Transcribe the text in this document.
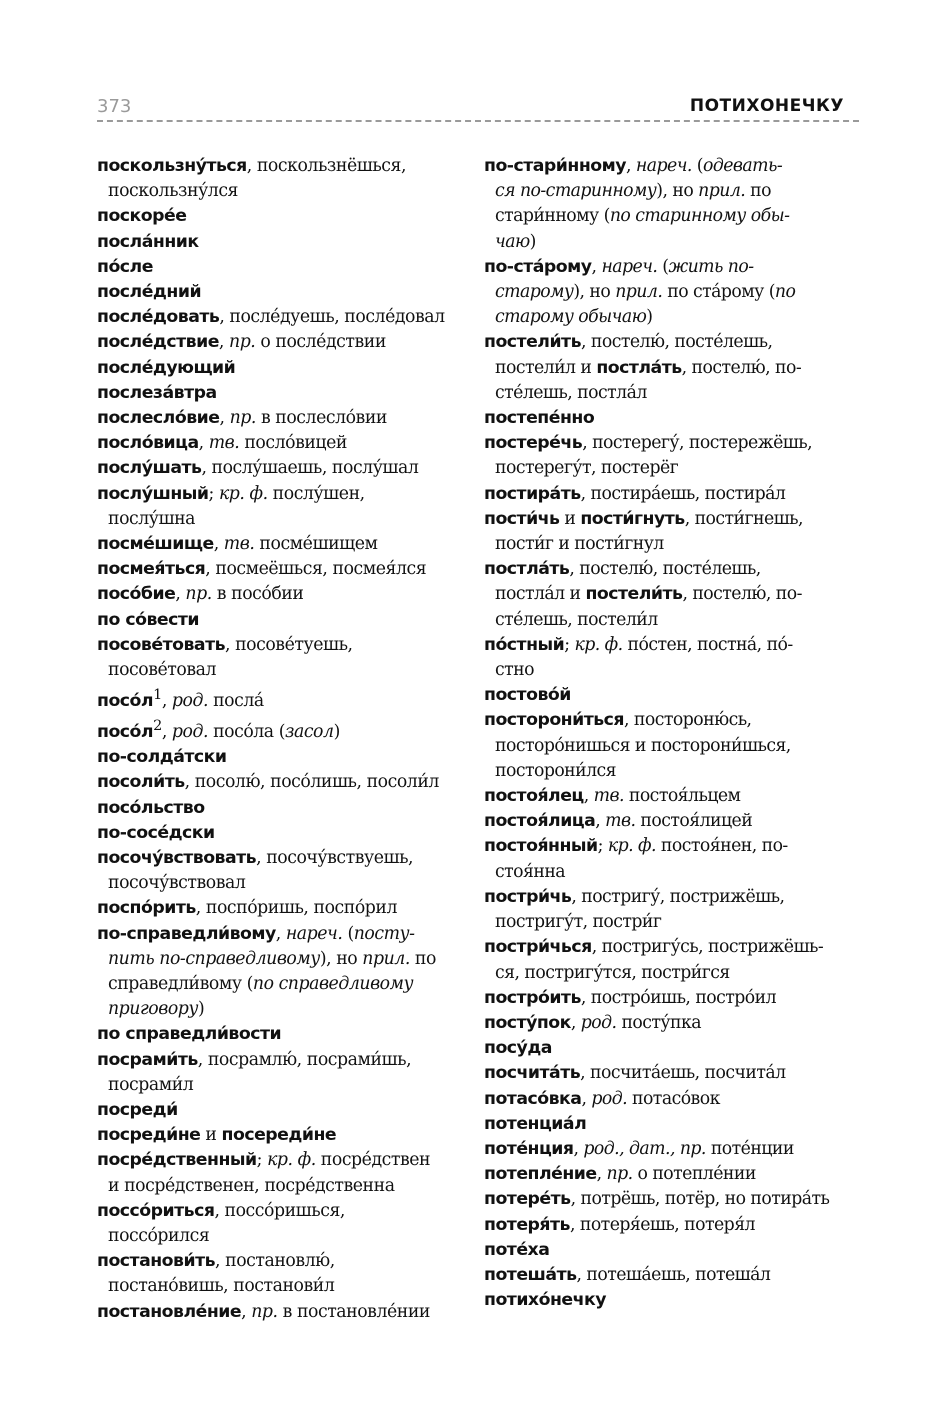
373	ПОТИХОНЕЧКУ
поскользну́ться, поскользнёшься,
поскользну́лся
поскоре́е
посла́нник
по́сле
после́дний
после́довать, после́дуешь, после́довал
после́дствие, пр. о после́дствии
после́дующий
послеза́втра
послесло́вие, пр. в послесло́вии
посло́вица, тв. посло́вицей
послу́шать, послу́шаешь, послу́шал
послу́шный; кр. ф. послу́шен,
послу́шна
посме́шище, тв. посме́шищем
посмея́ться, посмеёшься, посмея́лся
посо́бие, пр. в посо́бии
по со́вести
посове́товать, посове́туешь,
посове́товал
$посо́л^1$, род. посла́
$посо́л^2$, род. посо́ла (засол)
по-солда́тски
посоли́ть, посолю́, посо́лишь, посоли́л
посо́льство
по-сосе́дски
посочу́вствовать, посочу́вствуешь,
посочу́вствовал
поспо́рить, поспо́ришь, поспо́рил
по-справедли́вому, нареч. (посту-
пить по-справедливому), но прил. по
справедли́вому (по справедливому
приговору)
по справедли́вости
посрами́ть, посрамлю́, посрами́шь,
посрами́л
посреди́
посреди́не и посереди́не
посре́дственный; кр. ф. посре́дствен
и посре́дственен, посре́дственна
поссо́риться, поссо́ришься,
поссо́рился
постанови́ть, постановлю́,
постано́вишь, постанови́л
постановле́ние, пр. в постановле́нии
по-стари́нному, нареч. (одевать-
ся по-старинному), но прил. по
стари́нному (по старинному обы-
чаю)
по-ста́рому, нареч. (жить по-
старому), но прил. по ста́рому (по
старому обычаю)
постели́ть, постелю́, посте́лешь,
постели́л и постла́ть, постелю́, по-
сте́лешь, постла́л
постепе́нно
постере́чь, постерегу́, постережёшь,
постерегу́т, постерёг
постира́ть, постира́ешь, постира́л
пости́чь и пости́гнуть, пости́гнешь,
пости́г и пости́гнул
постла́ть, постелю́, посте́лешь,
постла́л и постели́ть, постелю́, по-
сте́лешь, постели́л
по́стный; кр. ф. по́стен, постна́, по́-
стно
постово́й
посторони́ться, постороню́сь,
посторо́нишься и посторони́шься,
посторони́лся
постоя́лец, тв. постоя́льцем
постоя́лица, тв. постоя́лицей
постоя́нный; кр. ф. постоя́нен, по-
стоя́нна
постри́чь, постригу́, пострижёшь,
постригу́т, постри́г
постри́чься, постригу́сь, пострижёшь-
ся, постригу́тся, постри́гся
постро́ить, постро́ишь, постро́ил
посту́пок, род. посту́пка
посу́да
посчита́ть, посчита́ешь, посчита́л
потaсо́вка, род. потaсо́вок
потенциа́л
поте́нция, род., дат., пр. поте́нции
потепле́ние, пр. о потепле́нии
потере́ть, потрёшь, потёр, но потира́ть
потеря́ть, потеря́ешь, потеря́л
поте́ха
потеша́ть, потеша́ешь, потеша́л
потихо́нечку
